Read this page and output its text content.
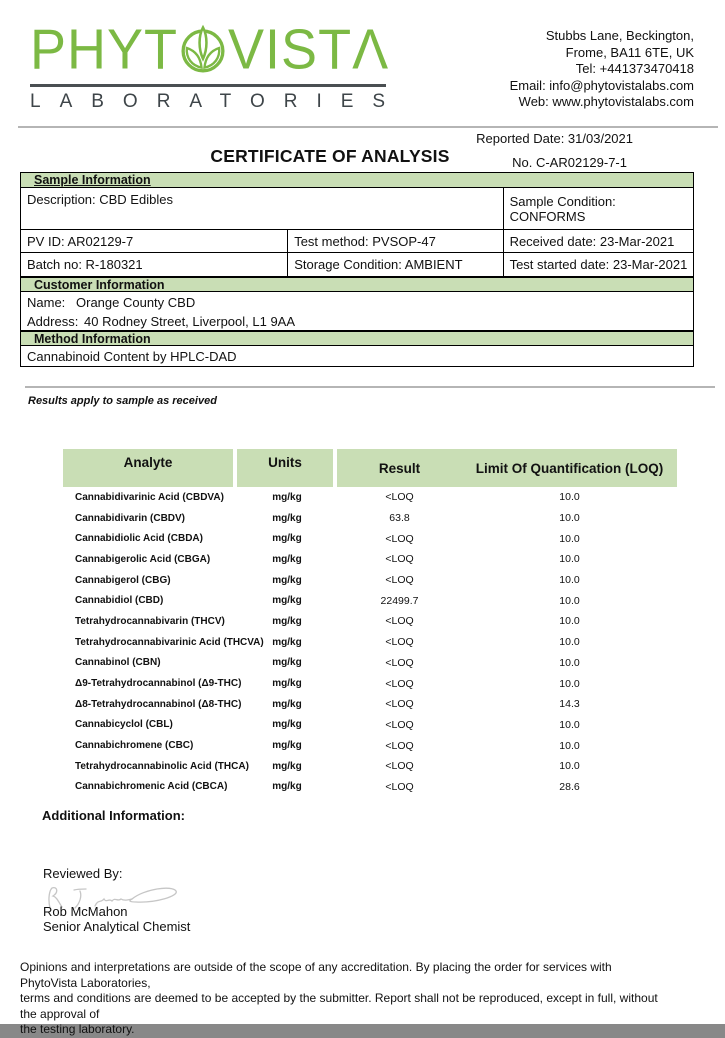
PHYT VIST Λ
LABORATORIES
Stubbs Lane, Beckington,
Frome, BA11 6TE, UK
Tel: +441373470418
Email: info@phytovistalabs.com
Web: www.phytovistalabs.com
Reported Date: 31/03/2021
CERTIFICATE OF ANALYSIS	No. C-AR02129-7-1
Sample Information
Description: CBD Edibles	Sample Condition: CONFORMS
PV ID: AR02129-7	Test method: PVSOP-47	Received date: 23-Mar-2021
Batch no: R-180321	Storage Condition: AMBIENT	Test started date: 23-Mar-2021
Customer Information
Name: Orange County CBD
Address: 40 Rodney Street, Liverpool, L1 9AA
Method Information
Cannabinoid Content by HPLC-DAD
Results apply to sample as received
Analyte	Units	Result	Limit Of Quantification (LOQ)
Cannabidivarinic Acid (CBDVA)	mg/kg	<LOQ	10.0
Cannabidivarin (CBDV)	mg/kg	63.8	10.0
Cannabidiolic Acid (CBDA)	mg/kg	<LOQ	10.0
Cannabigerolic Acid (CBGA)	mg/kg	<LOQ	10.0
Cannabigerol (CBG)	mg/kg	<LOQ	10.0
Cannabidiol (CBD)	mg/kg	22499.7	10.0
Tetrahydrocannabivarin (THCV)	mg/kg	<LOQ	10.0
Tetrahydrocannabivarinic Acid (THCVA) mg/kg	<LOQ	10.0
Cannabinol (CBN)	mg/kg	<LOQ	10.0
Δ9-Tetrahydrocannabinol (Δ9-THC)	mg/kg	<LOQ	10.0
Δ8-Tetrahydrocannabinol (Δ8-THC)	mg/kg	<LOQ	14.3
Cannabicyclol (CBL)	mg/kg	<LOQ	10.0
Cannabichromene (CBC)	mg/kg	<LOQ	10.0
Tetrahydrocannabinolic Acid (THCA)	mg/kg	<LOQ	10.0
Cannabichromenic Acid (CBCA)	mg/kg	<LOQ	28.6
Additional Information:
Reviewed By:
Rob McMahon
Senior Analytical Chemist
Opinions and interpretations are outside of the scope of any accreditation. By placing the order for services with PhytoVista Laboratories,
terms and conditions are deemed to be accepted by the submitter. Report shall not be reproduced, except in full, without the approval of
the testing laboratory.
